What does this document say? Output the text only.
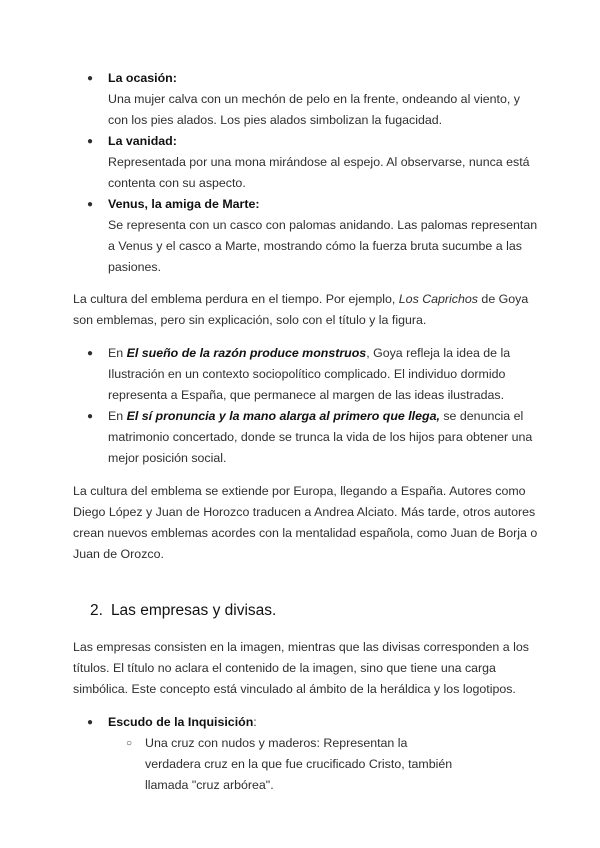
● La ocasión:
Una mujer calva con un mechón de pelo en la frente, ondeando al viento, y con los pies alados. Los pies alados simbolizan la fugacidad.
● La vanidad:
Representada por una mona mirándose al espejo. Al observarse, nunca está contenta con su aspecto.
● Venus, la amiga de Marte:
Se representa con un casco con palomas anidando. Las palomas representan a Venus y el casco a Marte, mostrando cómo la fuerza bruta sucumbe a las pasiones.

La cultura del emblema perdura en el tiempo. Por ejemplo, Los Caprichos de Goya son emblemas, pero sin explicación, solo con el título y la figura.

● En El sueño de la razón produce monstruos, Goya refleja la idea de la Ilustración en un contexto sociopolítico complicado. El individuo dormido representa a España, que permanece al margen de las ideas ilustradas.
● En El sí pronuncia y la mano alarga al primero que llega, se denuncia el matrimonio concertado, donde se trunca la vida de los hijos para obtener una mejor posición social.

La cultura del emblema se extiende por Europa, llegando a España. Autores como Diego López y Juan de Horozco traducen a Andrea Alciato. Más tarde, otros autores crean nuevos emblemas acordes con la mentalidad española, como Juan de Borja o Juan de Orozco.

2. Las empresas y divisas.

Las empresas consisten en la imagen, mientras que las divisas corresponden a los títulos. El título no aclara el contenido de la imagen, sino que tiene una carga simbólica. Este concepto está vinculado al ámbito de la heráldica y los logotipos.

● Escudo de la Inquisición:
○ Una cruz con nudos y maderos: Representan la verdadera cruz en la que fue crucificado Cristo, también llamada "cruz arbórea".
